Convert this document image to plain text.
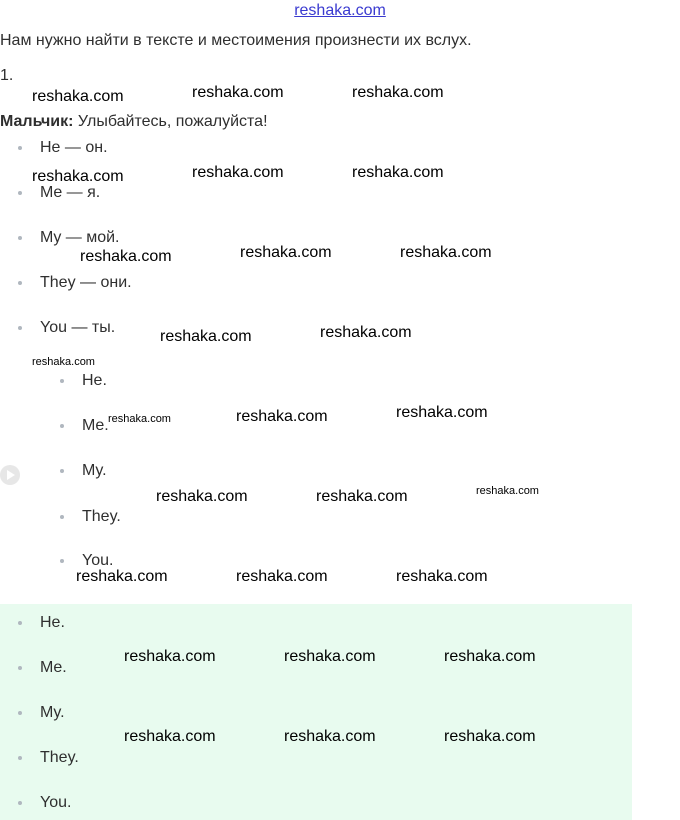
reshaka.com
Нам нужно найти в тексте и местоимения произнести их вслух.
1.
Мальчик: Улыбайтесь, пожалуйста!
He — он.
Me — я.
My — мой.
They — они.
You — ты.
He.
Me.
My.
They.
You.
He.
Me.
My.
They.
You.
reshaka.com	reshaka.com	reshaka.com
reshaka.com	reshaka.com	reshaka.com
reshaka.com	reshaka.com	reshaka.com
reshaka.com	reshaka.com
reshaka.com
reshaka.com	reshaka.com	reshaka.com
reshaka.com	reshaka.com	reshaka.com
reshaka.com	reshaka.com	reshaka.com
reshaka.com	reshaka.com	reshaka.com
reshaka.com	reshaka.com	reshaka.com
